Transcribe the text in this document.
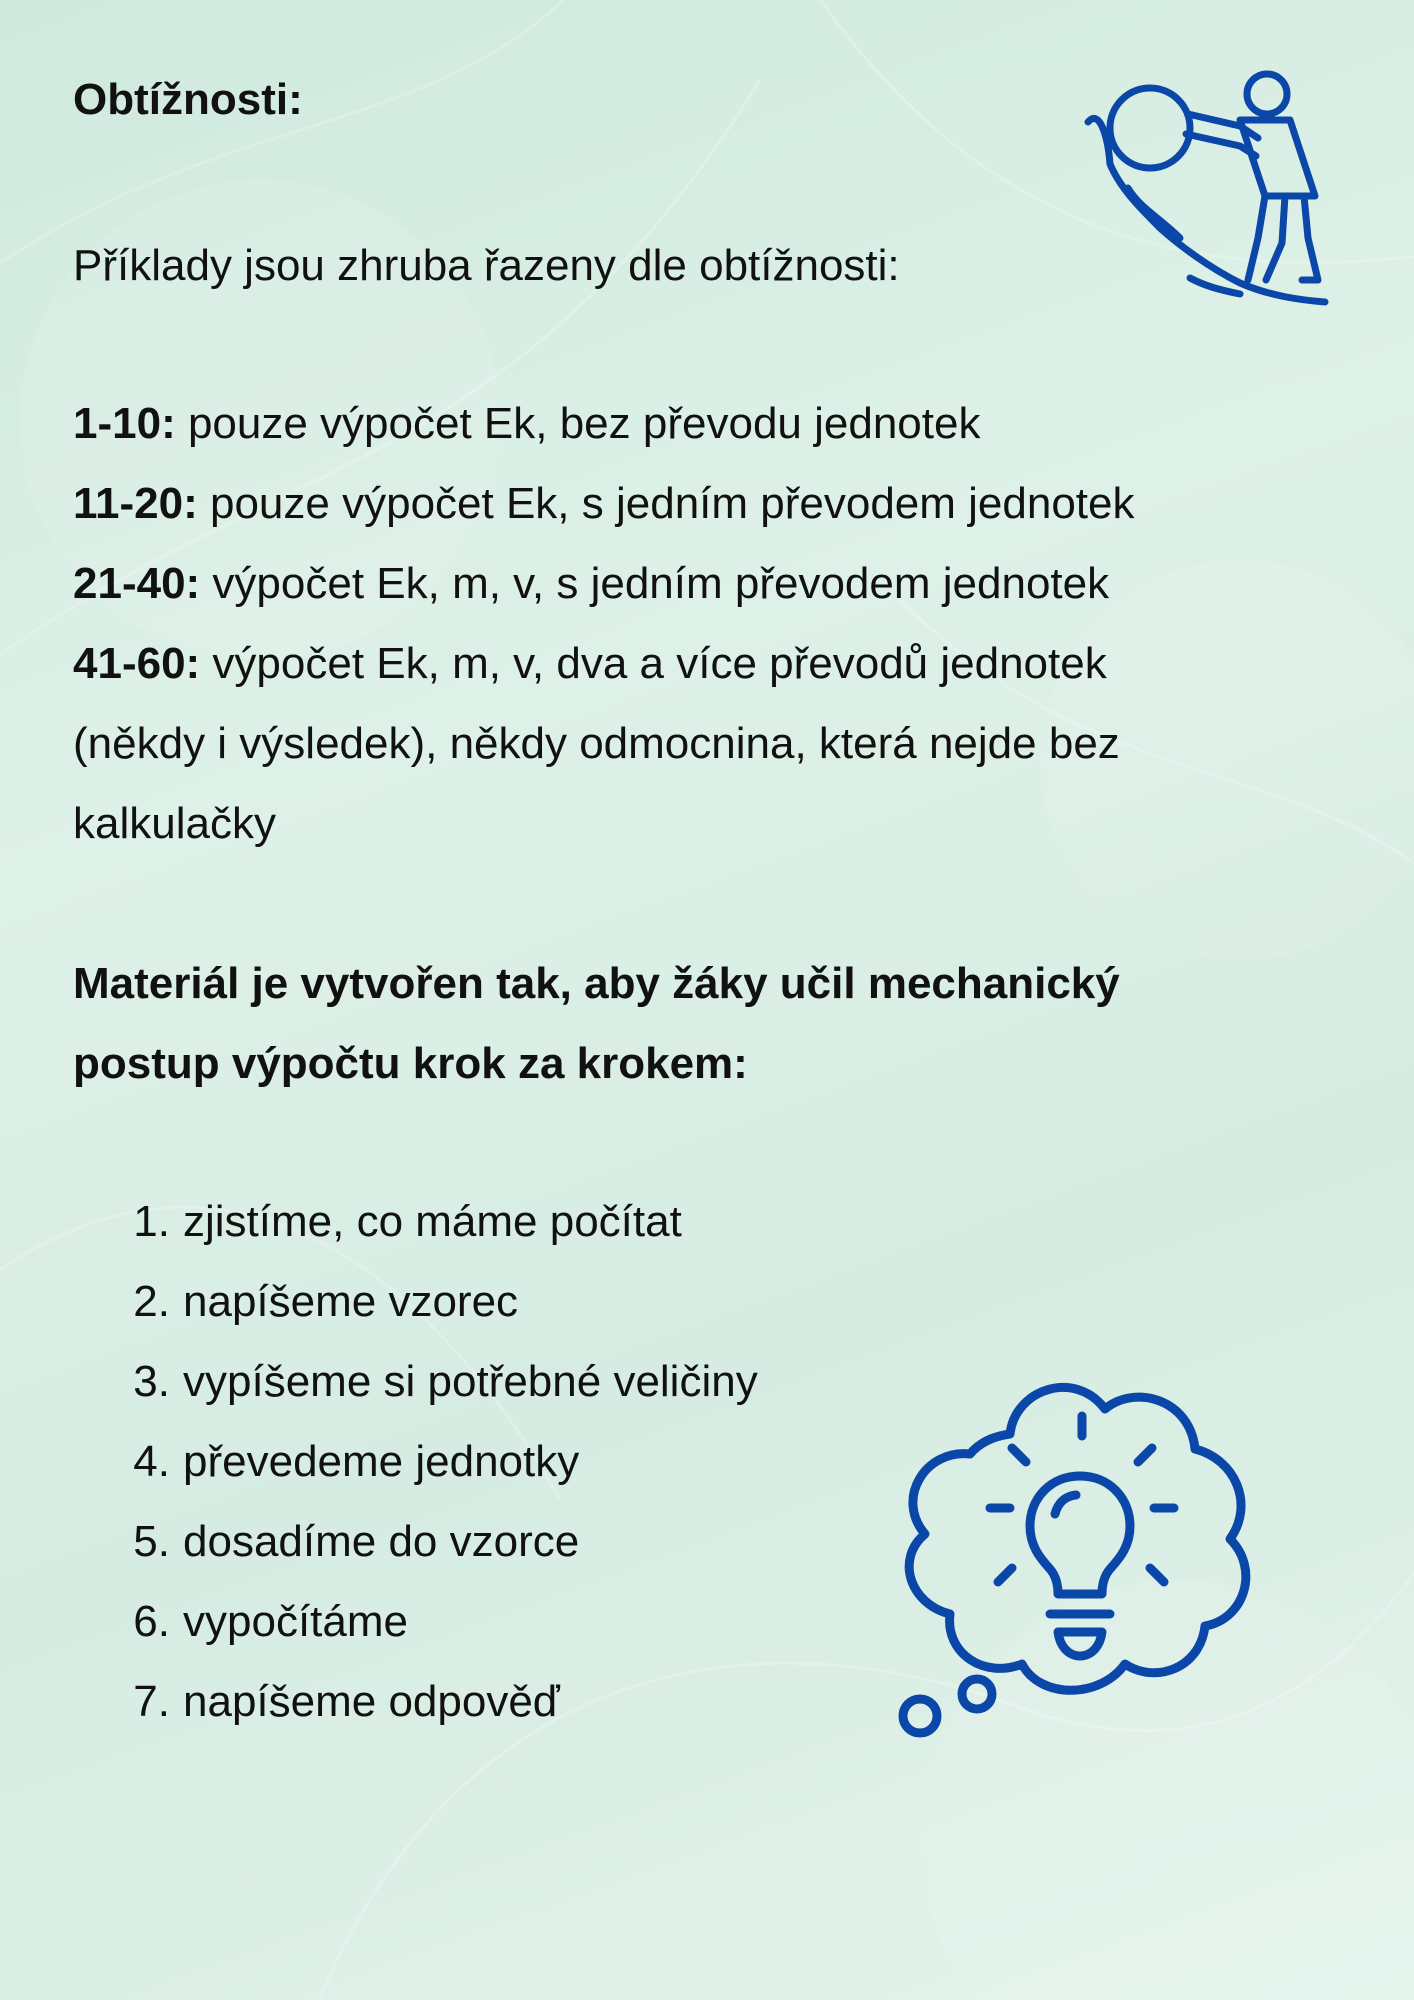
Obtížnosti:
Příklady jsou zhruba řazeny dle obtížnosti:
1-10: pouze výpočet Ek, bez převodu jednotek
11-20: pouze výpočet Ek, s jedním převodem jednotek
21-40: výpočet Ek, m, v, s jedním převodem jednotek
41-60: výpočet Ek, m, v, dva a více převodů jednotek
(někdy i výsledek), někdy odmocnina, která nejde bez
kalkulačky
Materiál je vytvořen tak, aby žáky učil mechanický
postup výpočtu krok za krokem:
1. zjistíme, co máme počítat
2. napíšeme vzorec
3. vypíšeme si potřebné veličiny
4. převedeme jednotky
5. dosadíme do vzorce
6. vypočítáme
7. napíšeme odpověď
